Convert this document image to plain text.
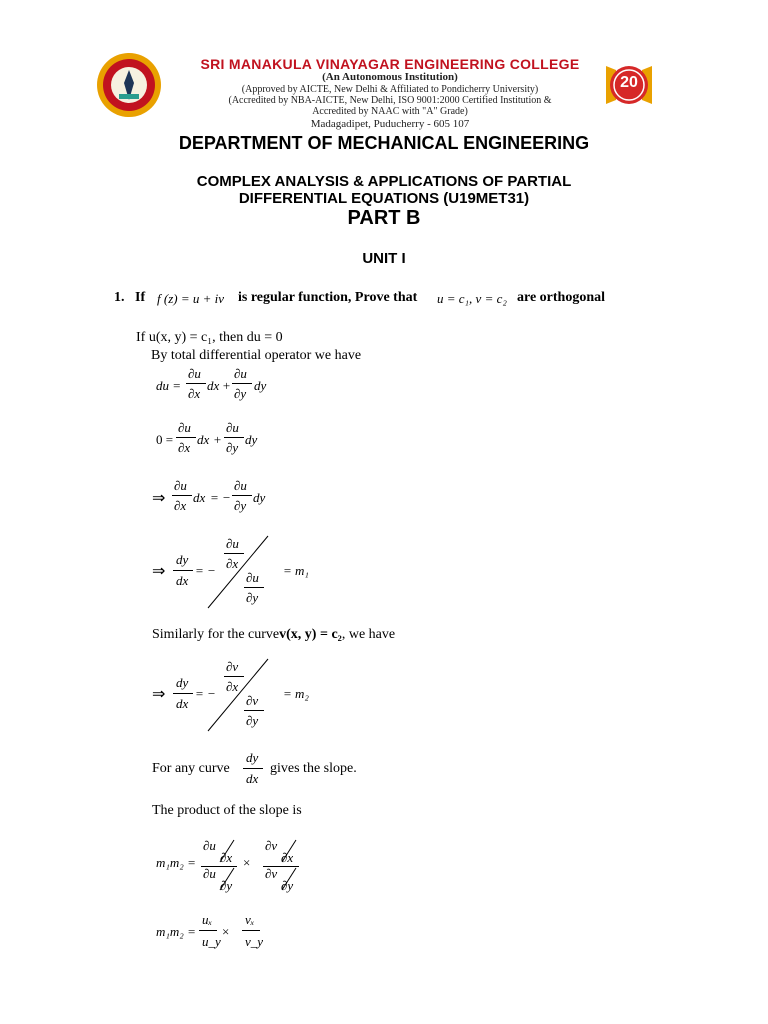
SRI MANAKULA VINAYAGAR ENGINEERING COLLEGE
(An Autonomous Institution)
(Approved by AICTE, New Delhi & Affiliated to Pondicherry University)
(Accredited by NBA-AICTE, New Delhi, ISO 9001:2000 Certified Institution &
Accredited by NAAC with "A" Grade)
Madagadipet, Puducherry - 605 107
20
DEPARTMENT OF MECHANICAL ENGINEERING
COMPLEX ANALYSIS & APPLICATIONS OF PARTIAL
DIFFERENTIAL EQUATIONS (U19MET31)
PART B
UNIT I
1. If f (z) = u + iv is regular function, Prove that u = c₁, v = c₂ are orthogonal
If u(x, y) = c₁, then du = 0
By total differential operator we have
du =
∂u
∂x
dx +
∂u
∂y
dy
0 =
∂u
∂x
dx +
∂u
∂y
dy
⇒
∂u
∂x
dx = −
∂u
∂y
dy
⇒
dy
dx
= −
∂u
∂x
∂u
∂y
= m₁
Similarly for the curvev(x, y) = c₂, we have
⇒
dy
dx
= −
∂v
∂x
∂v
∂y
= m₂
For any curve
dy
dx
gives the slope.
The product of the slope is
m₁m₂ =
∂u
∂x
∂u
∂y
×
∂v
∂x
∂v
∂y
m₁m₂ =
uₓ
u_y
×
vₓ
v_y
